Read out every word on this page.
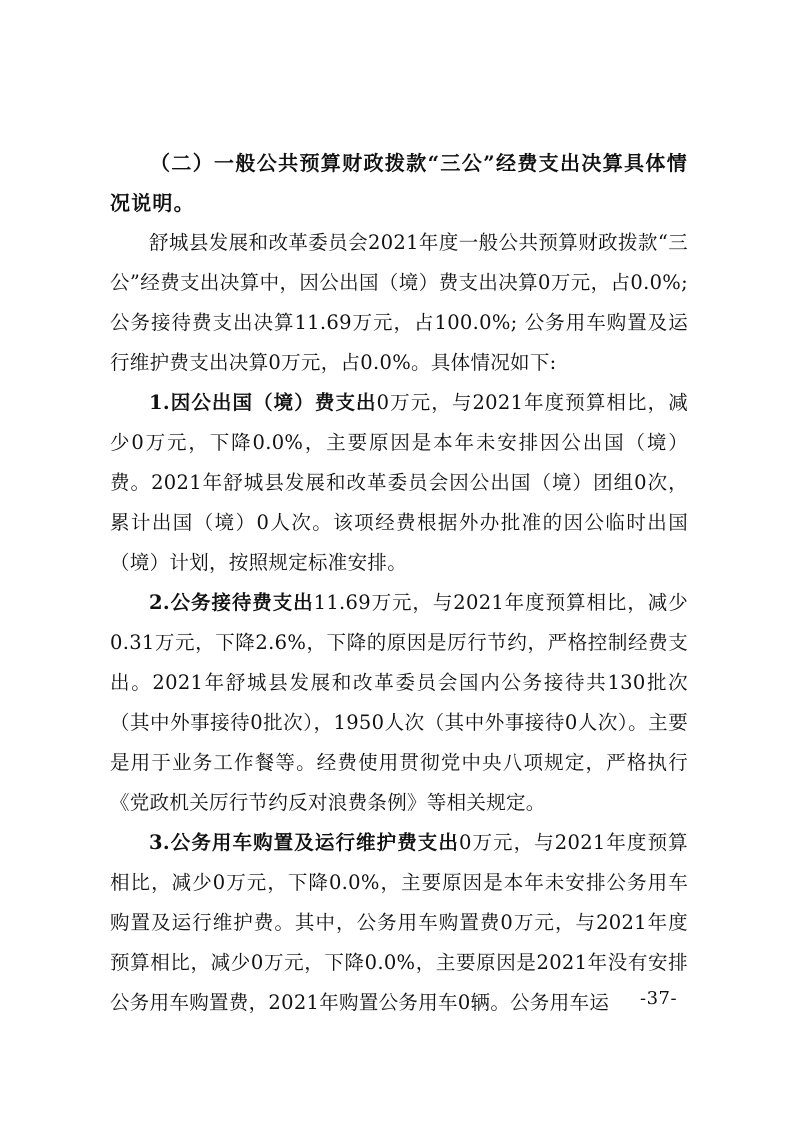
（二）一般公共预算财政拨款“三公”经费支出决算具体情况说明。

舒城县发展和改革委员会2021年度一般公共预算财政拨款“三公”经费支出决算中，因公出国（境）费支出决算0万元，占0.0%;公务接待费支出决算11.69万元，占100.0%; 公务用车购置及运行维护费支出决算0万元，占0.0%。具体情况如下:

1.因公出国（境）费支出0万元，与2021年度预算相比，减少0万元，下降0.0%，主要原因是本年未安排因公出国（境）费。2021年舒城县发展和改革委员会因公出国（境）团组0次，累计出国（境）0人次。该项经费根据外办批准的因公临时出国（境）计划，按照规定标准安排。

2.公务接待费支出11.69万元，与2021年度预算相比，减少0.31万元，下降2.6%，下降的原因是厉行节约，严格控制经费支出。2021年舒城县发展和改革委员会国内公务接待共130批次（其中外事接待0批次），1950人次（其中外事接待0人次）。主要是用于业务工作餐等。经费使用贯彻党中央八项规定，严格执行《党政机关厉行节约反对浪费条例》等相关规定。

3.公务用车购置及运行维护费支出0万元，与2021年度预算相比，减少0万元，下降0.0%，主要原因是本年未安排公务用车购置及运行维护费。其中，公务用车购置费0万元，与2021年度预算相比，减少0万元，下降0.0%，主要原因是2021年没有安排公务用车购置费，2021年购置公务用车0辆。公务用车运	-37-
